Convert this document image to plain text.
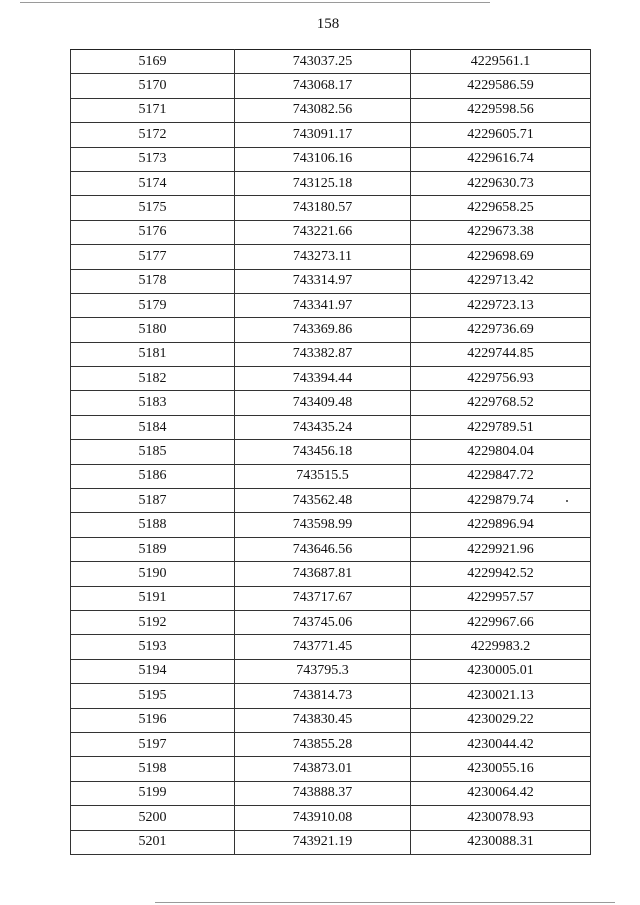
158
5169	743037.25	4229561.1
5170	743068.17	4229586.59
5171	743082.56	4229598.56
5172	743091.17	4229605.71
5173	743106.16	4229616.74
5174	743125.18	4229630.73
5175	743180.57	4229658.25
5176	743221.66	4229673.38
5177	743273.11	4229698.69
5178	743314.97	4229713.42
5179	743341.97	4229723.13
5180	743369.86	4229736.69
5181	743382.87	4229744.85
5182	743394.44	4229756.93
5183	743409.48	4229768.52
5184	743435.24	4229789.51
5185	743456.18	4229804.04
5186	743515.5	4229847.72
5187	743562.48	4229879.74
5188	743598.99	4229896.94
5189	743646.56	4229921.96
5190	743687.81	4229942.52
5191	743717.67	4229957.57
5192	743745.06	4229967.66
5193	743771.45	4229983.2
5194	743795.3	4230005.01
5195	743814.73	4230021.13
5196	743830.45	4230029.22
5197	743855.28	4230044.42
5198	743873.01	4230055.16
5199	743888.37	4230064.42
5200	743910.08	4230078.93
5201	743921.19	4230088.31
